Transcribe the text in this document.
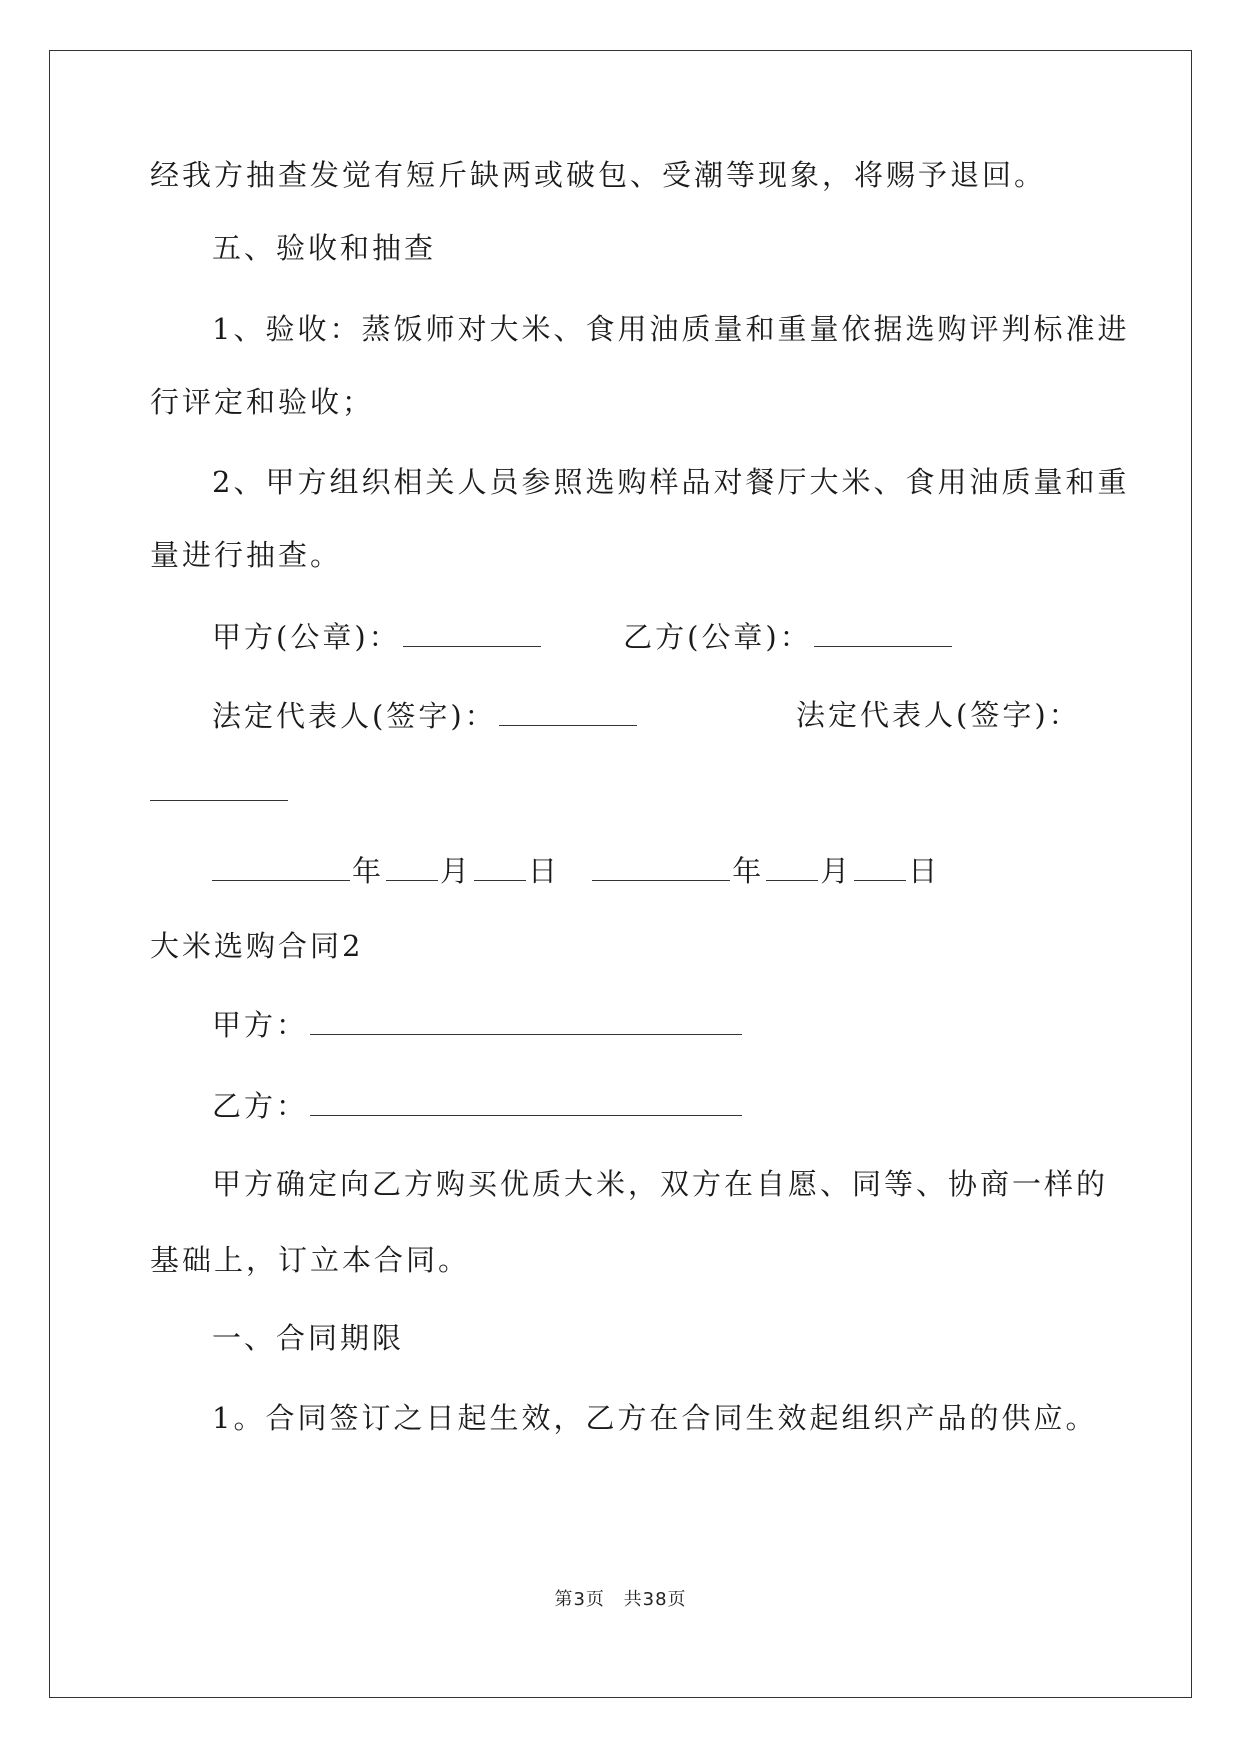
经我方抽查发觉有短斤缺两或破包、受潮等现象，将赐予退回。
五、验收和抽查
1、验收：蒸饭师对大米、食用油质量和重量依据选购评判标准进
行评定和验收；
2、甲方组织相关人员参照选购样品对餐厅大米、食用油质量和重
量进行抽查。
甲方(公章)：	乙方(公章)：
法定代表人(签字)：	法定代表人(签字)：
年 月 日	年 月 日
大米选购合同2
甲方：
乙方：
甲方确定向乙方购买优质大米，双方在自愿、同等、协商一样的
基础上，订立本合同。
一、合同期限
1。合同签订之日起生效，乙方在合同生效起组织产品的供应。
第3页 共38页
